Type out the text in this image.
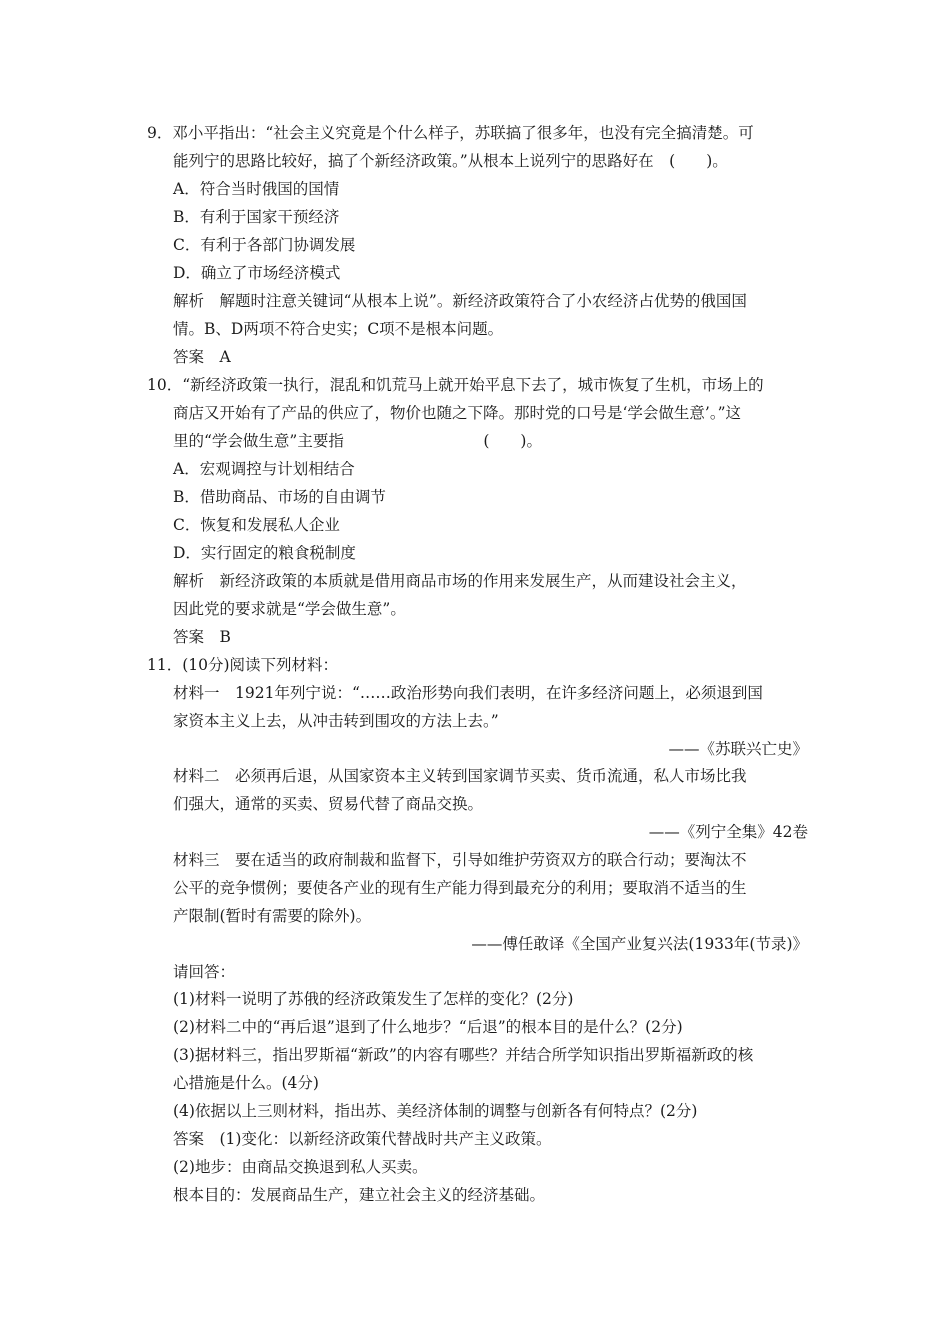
9．邓小平指出：“社会主义究竟是个什么样子，苏联搞了很多年，也没有完全搞清楚。可
能列宁的思路比较好，搞了个新经济政策。”从根本上说列宁的思路好在　(　　)。
A．符合当时俄国的国情
B．有利于国家干预经济
C．有利于各部门协调发展
D．确立了市场经济模式
解析　解题时注意关键词“从根本上说”。新经济政策符合了小农经济占优势的俄国国
情。B、D两项不符合史实；C项不是根本问题。
答案　A
10．“新经济政策一执行，混乱和饥荒马上就开始平息下去了，城市恢复了生机，市场上的
商店又开始有了产品的供应了，物价也随之下降。那时党的口号是‘学会做生意’。”这
里的“学会做生意”主要指　　　　　　　　　(　　)。
A．宏观调控与计划相结合
B．借助商品、市场的自由调节
C．恢复和发展私人企业
D．实行固定的粮食税制度
解析　新经济政策的本质就是借用商品市场的作用来发展生产，从而建设社会主义，
因此党的要求就是“学会做生意”。
答案　B
11．(10分)阅读下列材料：
材料一　1921年列宁说：“……政治形势向我们表明，在许多经济问题上，必须退到国
家资本主义上去，从冲击转到围攻的方法上去。”
——《苏联兴亡史》
材料二　必须再后退，从国家资本主义转到国家调节买卖、货币流通，私人市场比我
们强大，通常的买卖、贸易代替了商品交换。
——《列宁全集》42卷
材料三　要在适当的政府制裁和监督下，引导如维护劳资双方的联合行动；要淘汰不
公平的竞争惯例；要使各产业的现有生产能力得到最充分的利用；要取消不适当的生
产限制(暂时有需要的除外)。
——傅任敢译《全国产业复兴法(1933年(节录)》
请回答：
(1)材料一说明了苏俄的经济政策发生了怎样的变化？(2分)
(2)材料二中的“再后退”退到了什么地步？“后退”的根本目的是什么？(2分)
(3)据材料三，指出罗斯福“新政”的内容有哪些？并结合所学知识指出罗斯福新政的核
心措施是什么。(4分)
(4)依据以上三则材料，指出苏、美经济体制的调整与创新各有何特点？(2分)
答案　(1)变化：以新经济政策代替战时共产主义政策。
(2)地步：由商品交换退到私人买卖。
根本目的：发展商品生产，建立社会主义的经济基础。
